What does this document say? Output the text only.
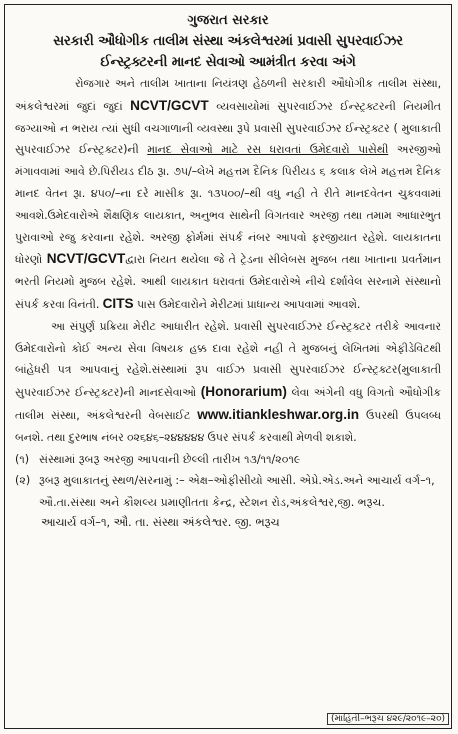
ગુજરાત સરકાર
સરકારી ઔધોગીક તાલીમ સંસ્થા અંકલેશ્વરમાં પ્રવાસી સુપરવાઈઝર
ઈન્સ્ટ્રક્ટરની માનદ સેવાઓ આમંત્રીત કરવા અંગે

રોજગાર અને તાલીમ ખાતાના નિયંત્રણ હેઠળની સરકારી ઔધોગીક તાલીમ સંસ્થા, અંકલેશ્વરમાં જુદાં જુદાં NCVT/GCVT વ્યવસાયોમાં સુપરવાઈઝર ઈન્સ્ટ્રક્ટરની નિયમીત જગ્યાઓ ન ભરાય ત્યાં સુધી વચગાળાની વ્યવસ્થા રૂપે પ્રવાસી સુપરવાઈઝર ઈન્સ્ટ્રક્ટર ( મુલાકાતી સુપરવાઈઝર ઈન્સ્ટ્રક્ટર)ની માનદ સેવાઓ માટે રસ ધરાવતાં ઉમેદવારો પાસેથી અરજીઓ મંગાવવામાં આવે છે.પિરીયડ દીઠ રૂા. ૭૫/–લેખે મહત્તમ દૈનિક પિરીયડ ૬ કલાક લેખે મહત્તમ દૈનિક માનદ વેતન રૂા. ૪૫૦/–ના દરે માસીક રૂા. ૧૩૫૦૦/–થી વધુ નહી તે રીતે માનદવેતન ચુકવવામાં આવશે.ઉમેદવારોએ શૈક્ષણિક લાયકાત, અનુભવ સાથેની વિગતવાર અરજી તથા તમામ આધારભુત પુરાવાઓ રજુ કરવાના રહેશે. અરજી ફોર્મમાં સંપર્ક નંબર આપવો ફરજીયાત રહેશે. લાયકાતના ધોરણો NCVT/GCVTદ્વારા નિયત થયેલા જે તે ટ્રેડના સીલેબસ મુજબ તથા ખાતાના પ્રવર્તમાન ભરતી નિયમો મુજબ રહેશે. આથી લાયકાત ધરાવતાં ઉમેદવારોએ નીચે દર્શાવેલ સરનામે સંસ્થાનો સંપર્ક કરવા વિનંતી. CITS પાસ ઉમેદવારોને મેરીટમાં પ્રાધાન્ય આપવામાં આવશે.

આ સંપુર્ણ પ્રક્રિયા મેરીટ આધારીત રહેશે. પ્રવાસી સુપરવાઈઝર ઈન્સ્ટ્રક્ટર તરીકે આવનાર ઉમેદવારોનો કોઈ અન્ય સેવા વિષયક હક્ક દાવા રહેશે નહી તે મુજબનું લેખિતમાં એફીડેવિટથી બાંહેધરી પત્ર આપવાનું રહેશે.સંસ્થામાં રૂપ વાઈઝ પ્રવાસી સુપરવાઈઝર ઈન્સ્ટ્રક્ટર(મુલાકાતી સુપરવાઈઝર ઈન્સ્ટ્રક્ટર)ની માનદસેવાઓ (Honorarium) લેવા અંગેની વધુ વિગતો ઔધોગીક તાલીમ સંસ્થા, અંકલેશ્વરની વેબસાઈટ www.itiankleshwar.org.in ઉપરથી ઉપલબ્ધ બનશે. તથા દુરભાષ નંબર ૦૨૬૪૬–૨૪૪૪૪૪ ઉપર સંપર્ક કરવાથી મેળવી શકાશે.

(૧) સંસ્થામાં રૂબરૂ અરજી આપવાની છેલ્લી તારીખ ૧૩/૧૧/૨૦૧૯
(૨) રૂબરૂ મુલાકાતનું સ્થળ/સરનામું :– એક્ષ–ઓફીસીયો આસી. એપ્રે.એડ.અને આચાર્ય વર્ગ–૧, ઔ.તા.સંસ્થા અને કૌશલ્ય પ્રમાણીતતા કેન્દ્ર, સ્ટેશન રોડ,અંકલેશ્વર,જી. ભરૂચ.
આચાર્ય વર્ગ–૧, ઔ. તા. સંસ્થા અંકલેશ્વર. જી. ભરૂચ
(માહિતી–ભરૂચ ૪૨૯/૨૦૧૯–૨૦)
